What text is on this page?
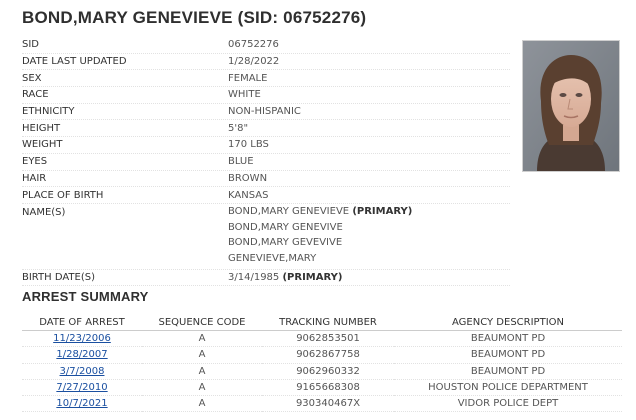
BOND,MARY GENEVIEVE (SID: 06752276)
SID	06752276
DATE LAST UPDATED	1/28/2022
SEX	FEMALE
RACE	WHITE
ETHNICITY	NON-HISPANIC
HEIGHT	5'8"
WEIGHT	170 LBS
EYES	BLUE
HAIR	BROWN
PLACE OF BIRTH	KANSAS
NAME(S)	BOND,MARY GENEVIEVE (PRIMARY)
BOND,MARY GENEVIVE
BOND,MARY GEVEVIVE
GENEVIEVE,MARY
BIRTH DATE(S)	3/14/1985 (PRIMARY)
ARREST SUMMARY
DATE OF ARREST	SEQUENCE CODE	TRACKING NUMBER	AGENCY DESCRIPTION
11/23/2006	A	9062853501	BEAUMONT PD
1/28/2007	A	9062867758	BEAUMONT PD
3/7/2008	A	9062960332	BEAUMONT PD
7/27/2010	A	9165668308	HOUSTON POLICE DEPARTMENT
10/7/2021	A	930340467X	VIDOR POLICE DEPT
